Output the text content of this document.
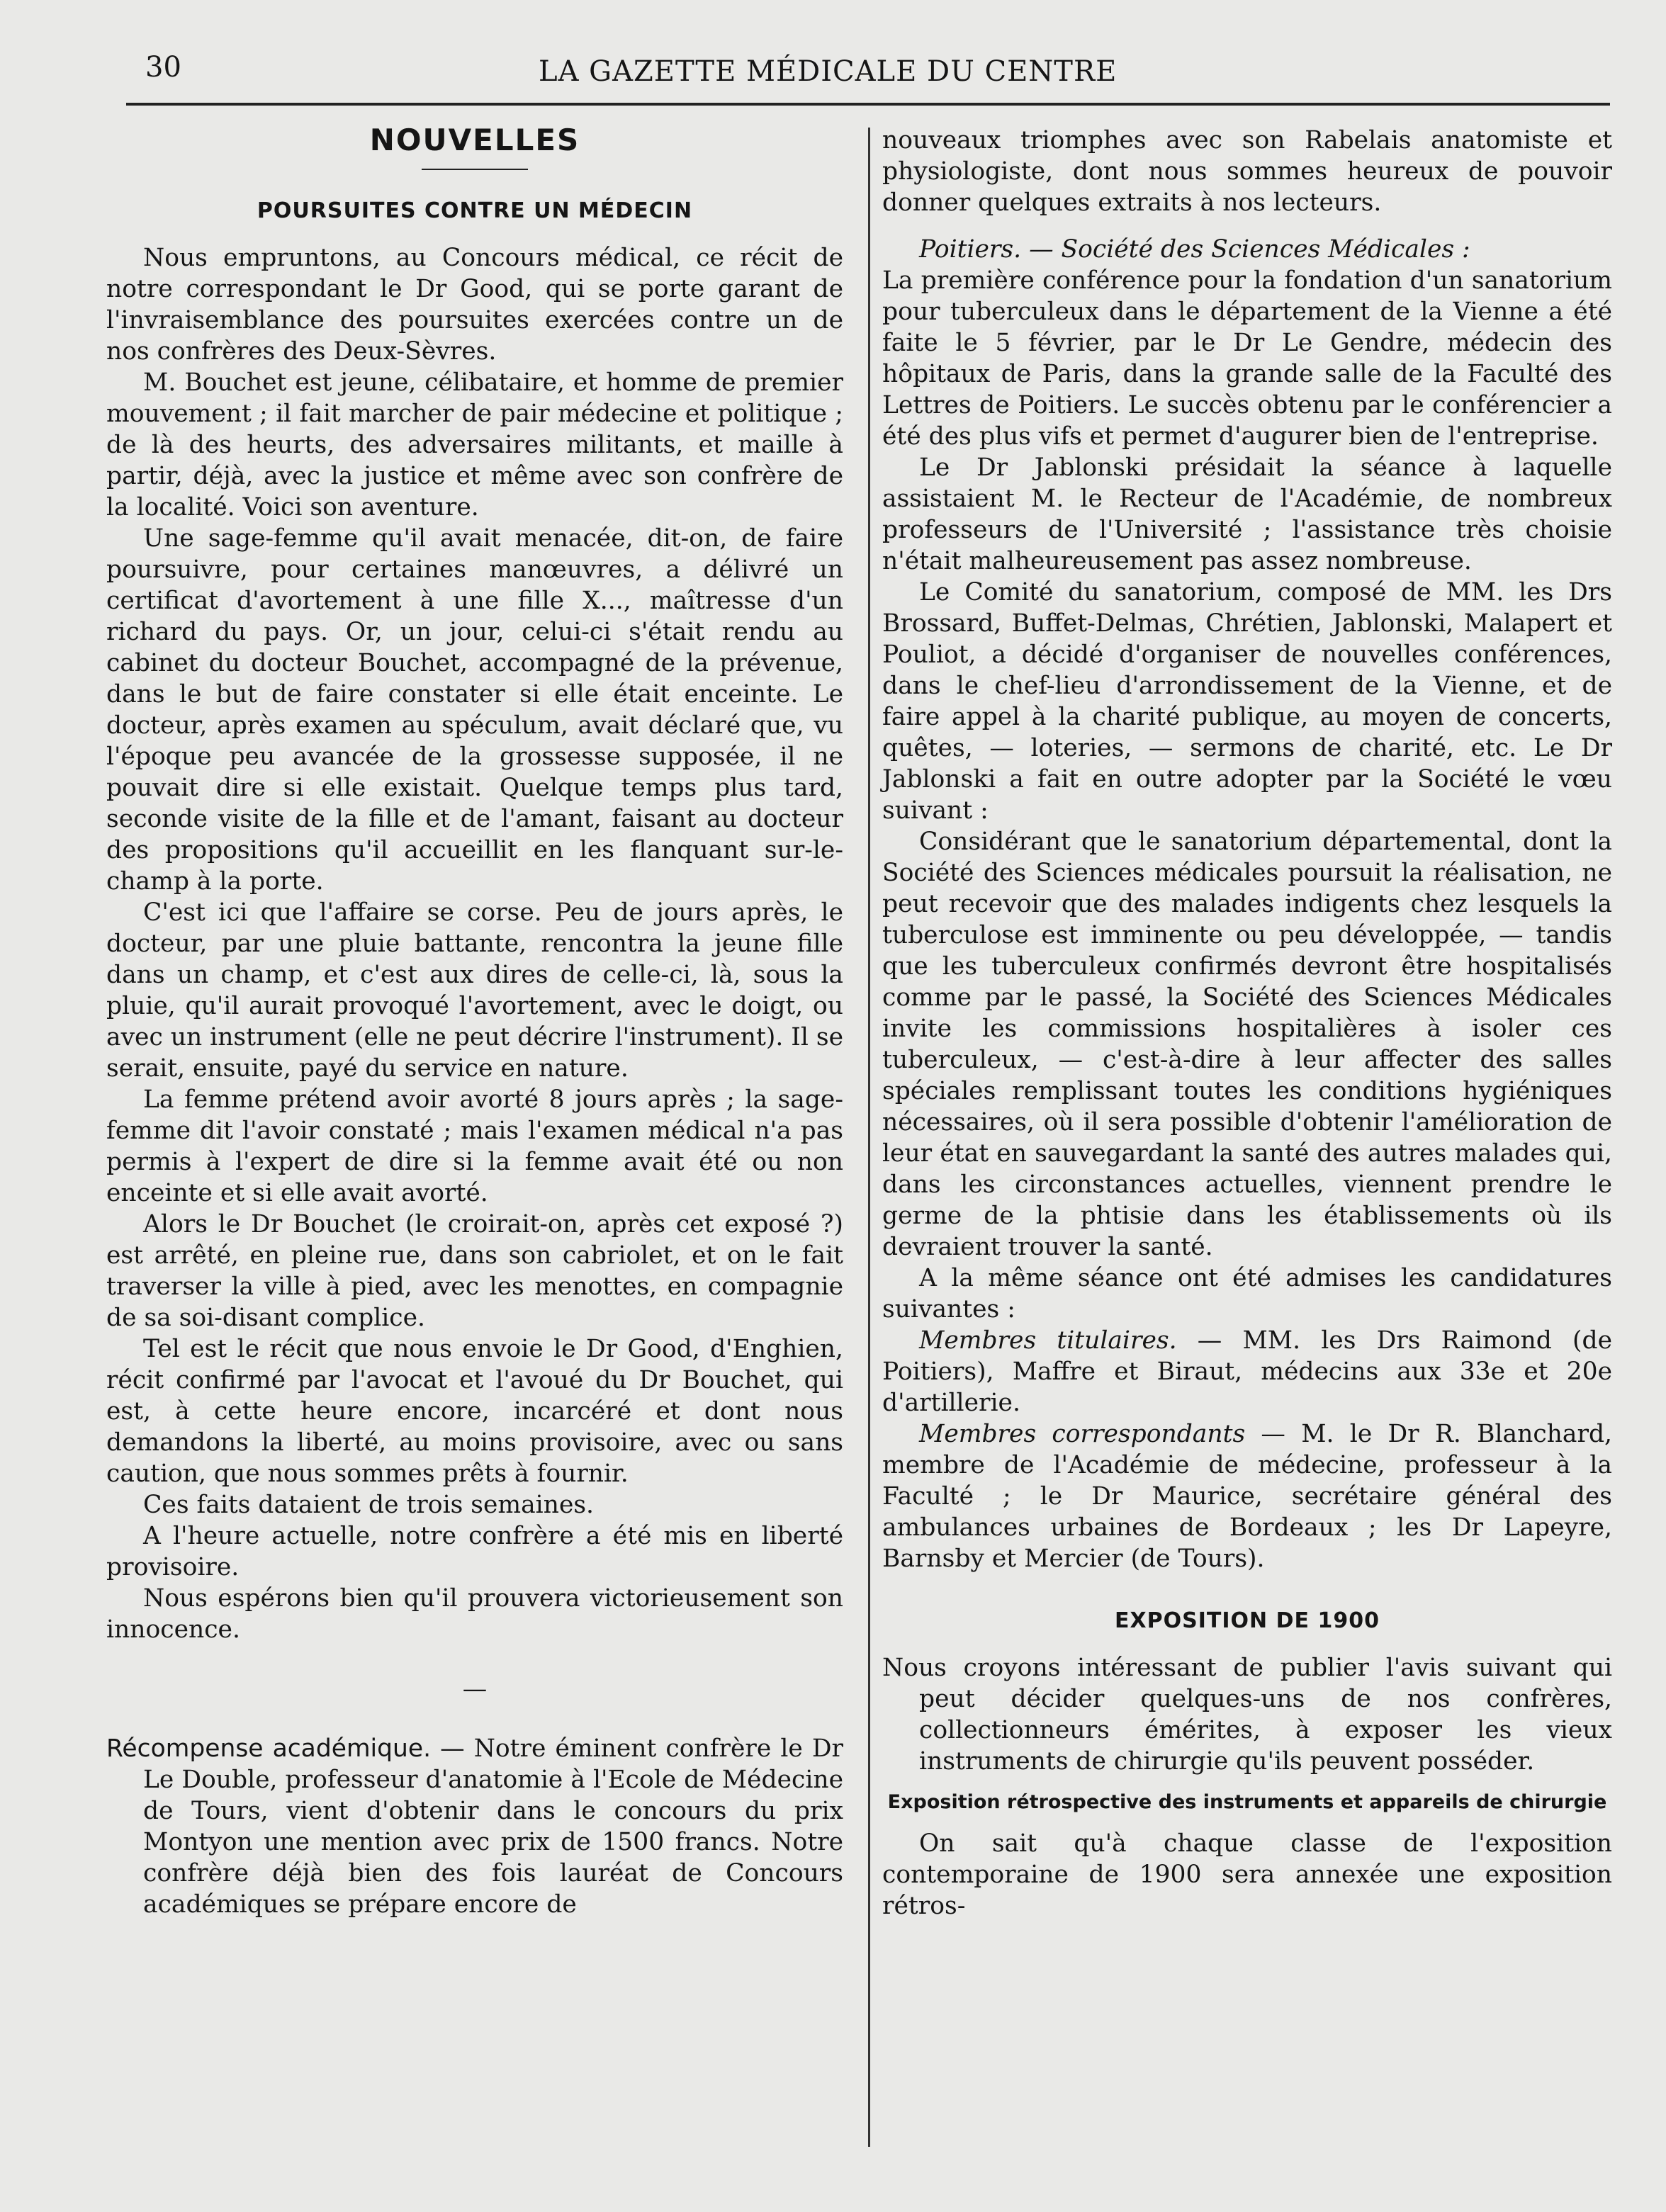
30	LA GAZETTE MÉDICALE DU CENTRE
NOUVELLES
POURSUITES CONTRE UN MÉDECIN

Nous empruntons, au Concours médical, ce récit de notre correspondant le Dr Good, qui se porte garant de l'invraisemblance des poursuites exercées contre un de nos confrères des Deux-Sèvres.

M. Bouchet est jeune, célibataire, et homme de premier mouvement ; il fait marcher de pair médecine et politique ; de là des heurts, des adversaires militants, et maille à partir, déjà, avec la justice et même avec son confrère de la localité. Voici son aventure.

Une sage-femme qu'il avait menacée, dit-on, de faire poursuivre, pour certaines manœuvres, a délivré un certificat d'avortement à une fille X..., maîtresse d'un richard du pays. Or, un jour, celui-ci s'était rendu au cabinet du docteur Bouchet, accompagné de la prévenue, dans le but de faire constater si elle était enceinte. Le docteur, après examen au spéculum, avait déclaré que, vu l'époque peu avancée de la grossesse supposée, il ne pouvait dire si elle existait. Quelque temps plus tard, seconde visite de la fille et de l'amant, faisant au docteur des propositions qu'il accueillit en les flanquant sur-le-champ à la porte.

C'est ici que l'affaire se corse. Peu de jours après, le docteur, par une pluie battante, rencontra la jeune fille dans un champ, et c'est aux dires de celle-ci, là, sous la pluie, qu'il aurait provoqué l'avortement, avec le doigt, ou avec un instrument (elle ne peut décrire l'instrument). Il se serait, ensuite, payé du service en nature.

La femme prétend avoir avorté 8 jours après ; la sage-femme dit l'avoir constaté ; mais l'examen médical n'a pas permis à l'expert de dire si la femme avait été ou non enceinte et si elle avait avorté.

Alors le Dr Bouchet (le croirait-on, après cet exposé ?) est arrêté, en pleine rue, dans son cabriolet, et on le fait traverser la ville à pied, avec les menottes, en compagnie de sa soi-disant complice.

Tel est le récit que nous envoie le Dr Good, d'Enghien, récit confirmé par l'avocat et l'avoué du Dr Bouchet, qui est, à cette heure encore, incarcéré et dont nous demandons la liberté, au moins provisoire, avec ou sans caution, que nous sommes prêts à fournir.

Ces faits dataient de trois semaines.

A l'heure actuelle, notre confrère a été mis en liberté provisoire.

Nous espérons bien qu'il prouvera victorieusement son innocence.

—

Récompense académique. — Notre éminent confrère le Dr Le Double, professeur d'anatomie à l'Ecole de Médecine de Tours, vient d'obtenir dans le concours du prix Montyon une mention avec prix de 1500 francs. Notre confrère déjà bien des fois lauréat de Concours académiques se prépare encore de

nouveaux triomphes avec son Rabelais anatomiste et physiologiste, dont nous sommes heureux de pouvoir donner quelques extraits à nos lecteurs.

Poitiers. — Société des Sciences Médicales :

La première conférence pour la fondation d'un sanatorium pour tuberculeux dans le département de la Vienne a été faite le 5 février, par le Dr Le Gendre, médecin des hôpitaux de Paris, dans la grande salle de la Faculté des Lettres de Poitiers. Le succès obtenu par le conférencier a été des plus vifs et permet d'augurer bien de l'entreprise.

Le Dr Jablonski présidait la séance à laquelle assistaient M. le Recteur de l'Académie, de nombreux professeurs de l'Université ; l'assistance très choisie n'était malheureusement pas assez nombreuse.

Le Comité du sanatorium, composé de MM. les Drs Brossard, Buffet-Delmas, Chrétien, Jablonski, Malapert et Pouliot, a décidé d'organiser de nouvelles conférences, dans le chef-lieu d'arrondissement de la Vienne, et de faire appel à la charité publique, au moyen de concerts, quêtes, — loteries, — sermons de charité, etc. Le Dr Jablonski a fait en outre adopter par la Société le vœu suivant :

Considérant que le sanatorium départemental, dont la Société des Sciences médicales poursuit la réalisation, ne peut recevoir que des malades indigents chez lesquels la tuberculose est imminente ou peu développée, — tandis que les tuberculeux confirmés devront être hospitalisés comme par le passé, la Société des Sciences Médicales invite les commissions hospitalières à isoler ces tuberculeux, — c'est-à-dire à leur affecter des salles spéciales remplissant toutes les conditions hygiéniques nécessaires, où il sera possible d'obtenir l'amélioration de leur état en sauvegardant la santé des autres malades qui, dans les circonstances actuelles, viennent prendre le germe de la phtisie dans les établissements où ils devraient trouver la santé.

A la même séance ont été admises les candidatures suivantes :

Membres titulaires. — MM. les Drs Raimond (de Poitiers), Maffre et Biraut, médecins aux 33e et 20e d'artillerie.

Membres correspondants — M. le Dr R. Blanchard, membre de l'Académie de médecine, professeur à la Faculté ; le Dr Maurice, secrétaire général des ambulances urbaines de Bordeaux ; les Dr Lapeyre, Barnsby et Mercier (de Tours).

EXPOSITION DE 1900

Nous croyons intéressant de publier l'avis suivant qui peut décider quelques-uns de nos confrères, collectionneurs émérites, à exposer les vieux instruments de chirurgie qu'ils peuvent posséder.

Exposition rétrospective des instruments et appareils de chirurgie

On sait qu'à chaque classe de l'exposition contemporaine de 1900 sera annexée une exposition rétros-
